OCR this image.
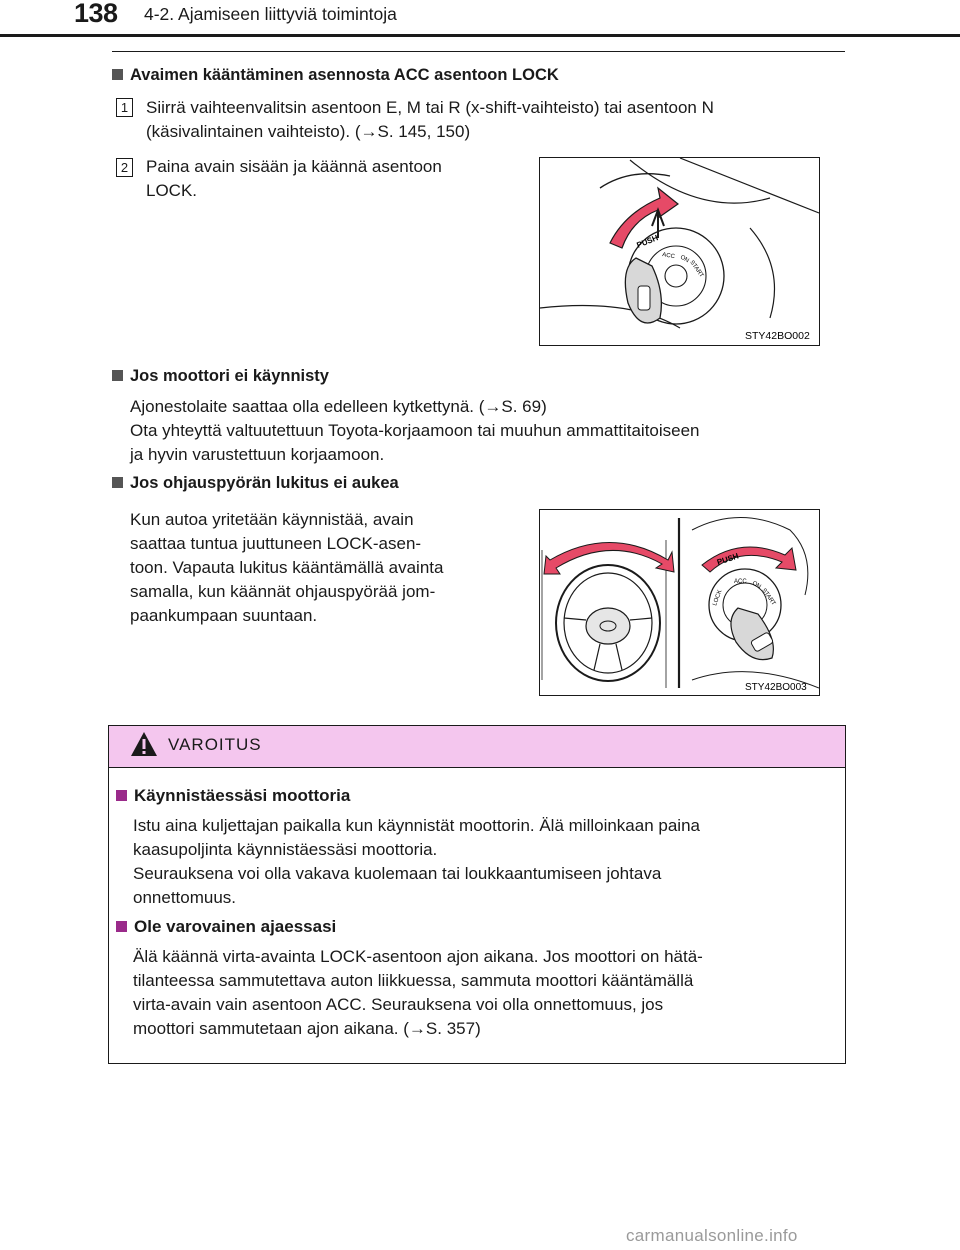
138 4-2. Ajamiseen liittyviä toimintoja
Avaimen kääntäminen asennosta ACC asentoon LOCK
1 Siirrä vaihteenvalitsin asentoon E, M tai R (x-shift-vaihteisto) tai asentoon N
(käsivalintainen vaihteisto). (→S. 145, 150)
2 Paina avain sisään ja käännä asentoon
LOCK.
PUSH
ACC ON
START
STY42BO002
Jos moottori ei käynnisty
Ajonestolaite saattaa olla edelleen kytkettynä. (→S. 69)
Ota yhteyttä valtuutettuun Toyota-korjaamoon tai muuhun ammattitaitoiseen
ja hyvin varustettuun korjaamoon.
Jos ohjauspyörän lukitus ei aukea
Kun autoa yritetään käynnistää, avain
saattaa tuntua juuttuneen LOCK-asen-
toon. Vapauta lukitus kääntämällä avainta
samalla, kun käännät ohjauspyörää jom-
paankumpaan suuntaan.
PUSH
LOCK
ACC ON
START
STY42BO003
VAROITUS
Käynnistäessäsi moottoria
Istu aina kuljettajan paikalla kun käynnistät moottorin. Älä milloinkaan paina
kaasupoljinta käynnistäessäsi moottoria.
Seurauksena voi olla vakava kuolemaan tai loukkaantumiseen johtava
onnettomuus.
Ole varovainen ajaessasi
Älä käännä virta-avainta LOCK-asentoon ajon aikana. Jos moottori on hätä-
tilanteessa sammutettava auton liikkuessa, sammuta moottori kääntämällä
virta-avain vain asentoon ACC. Seurauksena voi olla onnettomuus, jos
moottori sammutetaan ajon aikana. (→S. 357)
carmanualsonline.info
